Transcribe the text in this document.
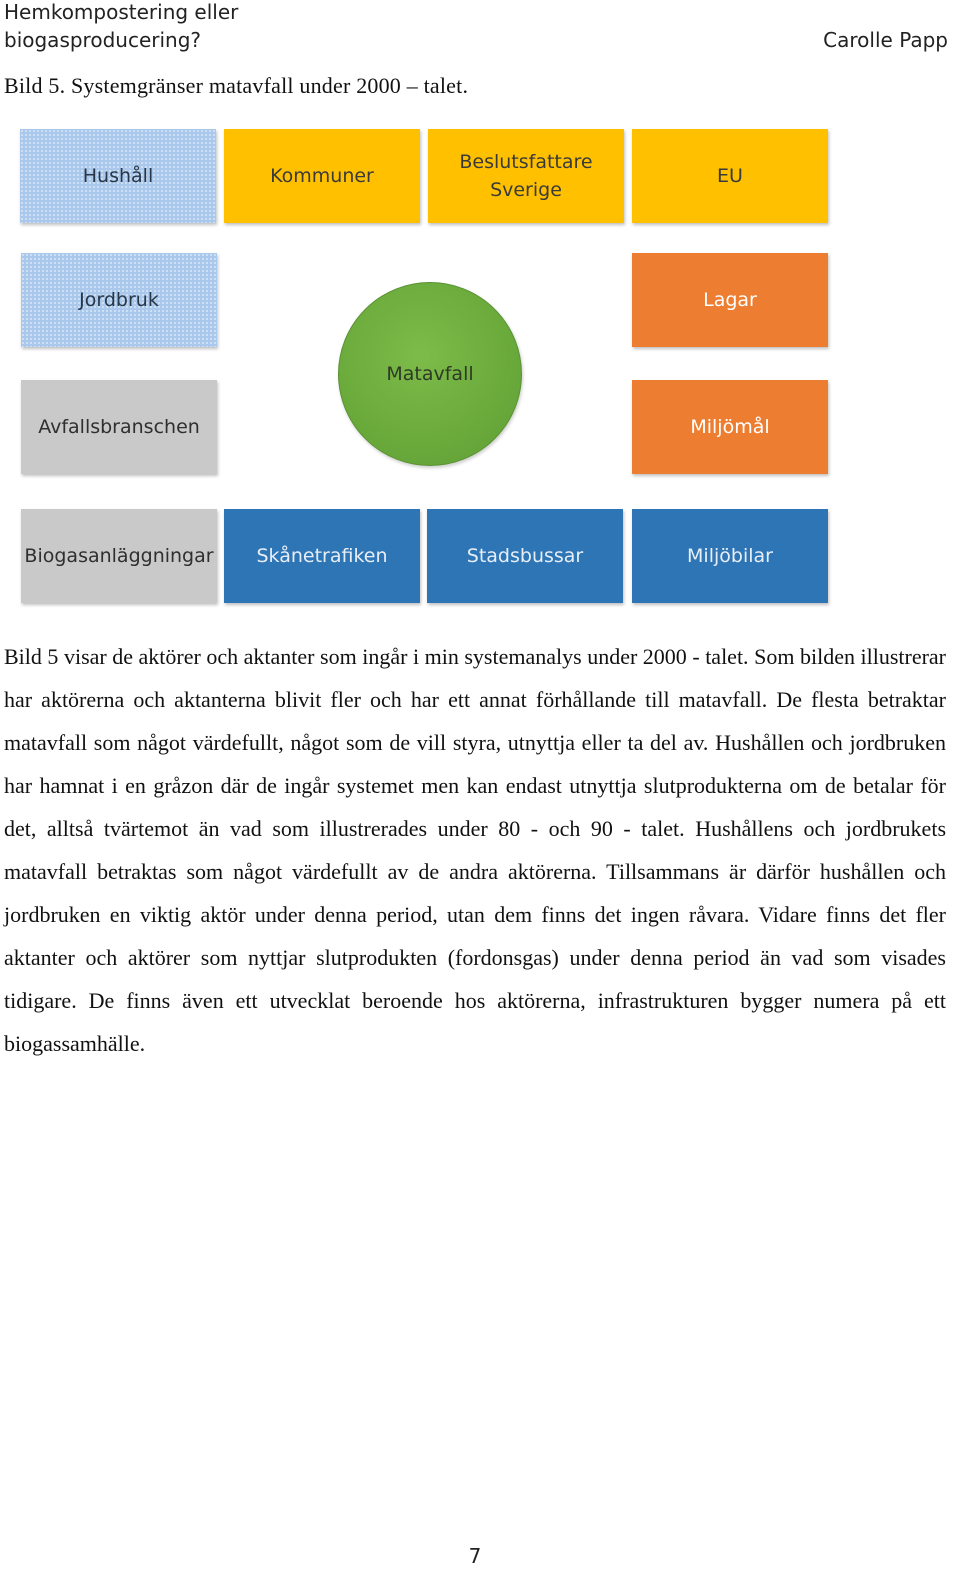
Hemkompostering eller
biogasproducering?	Carolle Papp
Bild 5. Systemgränser matavfall under 2000 – talet.
Hushåll	Kommuner
Beslutsfattare
Sverige
EU
Jordbruk	Lagar
Matavfall
Avfallsbranschen	Miljömål
Biogasanläggningar	Skånetrafiken	Stadsbussar	Miljöbilar

Bild 5 visar de aktörer och aktanter som ingår i min systemanalys under 2000 - talet. Som bilden illustrerar har aktörerna och aktanterna blivit fler och har ett annat förhållande till matavfall. De flesta betraktar matavfall som något värdefullt, något som de vill styra, utnyttja eller ta del av. Hushållen och jordbruken har hamnat i en gråzon där de ingår systemet men kan endast utnyttja slutprodukterna om de betalar för det, alltså tvärtemot än vad som illustrerades under 80 - och 90 - talet. Hushållens och jordbrukets matavfall betraktas som något värdefullt av de andra aktörerna. Tillsammans är därför hushållen och jordbruken en viktig aktör under denna period, utan dem finns det ingen råvara. Vidare finns det fler aktanter och aktörer som nyttjar slutprodukten (fordonsgas) under denna period än vad som visades tidigare. De finns även ett utvecklat beroende hos aktörerna, infrastrukturen bygger numera på ett biogassamhälle.

7
